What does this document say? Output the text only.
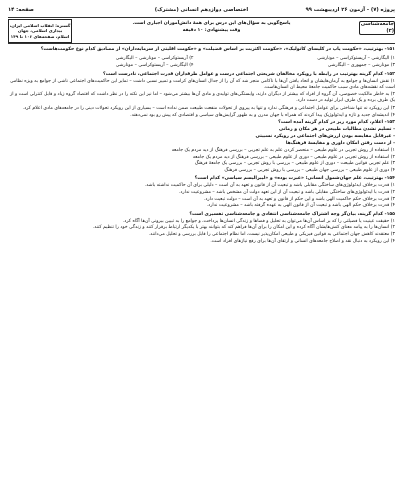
پروژه (۷) - آزمون ۲۶ اردیبهشت ۹۹
اختصاصی دوازدهم انسانی (مشترک)
صفحه: ۱۴
جامعه‌شناسی (۳)
پاسخ‌گویی به سؤال‌های این درس برای همهٔ دانش‌آموزان اجباری است.
وقت پیشنهادی: ۱۰ دقیقه
گستره: انقلاب اسلامی ایران،
بیداری اسلامی، جهان
اسلام، صفحه‌های ۱۰۶ تا ۱۳۹
۱۵۱- بهترتیب، «حکومت پاپ در کلیسای کاتولیک»، «حکومت اکثریت بر اساس فضیلت» و «حکومت اقلیتی از سرمایه‌داران» از مصادیق کدام نوع حکومت‌هاست؟
۱) الیگارشی – آریستوکراسی – مونارشی
۲) آریستوکراسی – مونارشی – الیگارشی
۳) مونارشی – جمهوری – الیگارشی
۴) الیگارشی – آریستوکراسی – مونارشی
۱۵۲- کدام گزینه بهترتیب در رابطه با رویکرد مخالفان شریعتی اجتماعی درست و عوامل طرفداران قدرت اجتماعی، نادرست است؟
۱) نقش انسان‌ها و جوامع به آرمان‌هایشان و اتحاد یافتن آن‌ها با ناکامی منجر شد که آن را از جدال انسان‌های کرامت و تمییز نسبی داشت – تمایز این حاکمیت‌های اجتماعی ناشی از جوامع به ویژه نظامی است که نقشه‌های مادی سبب حاکمیت جامعهٔ محیط ان انسان‌هاست.
۲) به خاطر مالکیت خصوصی، آن گروه از افراد که بیشتر از دیگران دارند، وابستگی‌های تولیدی و مادی آن‌ها بیشتر می‌شود – اما نیز این نکته را در نظر داشت که اقتصاد گروه زیاد و قابل کنترلی است و از یک طرف برده و یک طرف ابزار تولید در دست دارد.
۳) این رویکرد نه تنها شناختی برای عوامل اجتماعی و فرهنگی ندارد و تنها به پیروی از تحولات منفعت طبیعت ضمن نداده است – بسیاری از این رویکرد تحولات دینی را در جامعه‌های مادی اعلام کرد.
۴) اندیشه‌ای جدید و تازه و ایدئولوژیک پیدا کردند که همراه با جهان مدرن و به ظهور گرایش‌های سیاسی و اقتصادی که پیش رو بود نمی‌دهند.
۱۵۳- اعلام، کدام مورد زیر در کدام گزینه آمده است؟
- تسلیم نشدن مطالبات طبیعی در هر مکان و زمانی
- غیرقابل مقایسه بودن ارزش‌های اجتماعی در رویکرد نسبیتی
- از دست رفتن امکان داوری و مقایسهٔ فرهنگ‌ها
۱) استفاده از روش تجربی در علوم طبیعی – منحصر کردن علم به علم تجربی – بررسی فرهنگ از دید مردم یک جامعه
۲) استفاده از روش تجربی در علوم طبیعی – دوری از علوم طبیعی – بررسی فرهنگ از دید مردم یک جامعه
۳) علم تجربی قوانین طبیعت – دوری از علوم طبیعی – بررسی با روش تجربی – بررسی یک جامعهٔ فرهنگ
۴) دوری از علوم طبیعی – بررسی جهان طبیعی – بررسی با روش تجربی – بررسی فرهنگ
۱۵۴- بهترتیب، علم جهان‌شمول انسانی؛ «عبرت بوده» و «لیبرالیسم سیاسی» کدام است؟
۱) قدرت برخلاف ایدئولوژی‌های ساختگی مقابلی باشد و تبعیت آن از قانون و تعهد به آن است – دلیلی برای آن حاکمیت نداشته باشد.
۲) قدرت با ایدئولوژی‌های ساختگی مقابلی باشد و تبعیت آن از این تعهد دولت آن مشخص باشد – مشروعیت ندارد.
۳) قدرت برخلاف حکم حاکمیت الهی باشد و این حکم از قانون و تعهد به آن است – دولت تبعیت دارد.
۴) قدرت برخلاف حکم الهی باشد و تبعیت آن از قانون الهی به عهده گرفته باشد – مشروعیت ندارد.
۱۵۵- کدام گزینه، بیان‌گر وجه اشتراک جامعه‌شناسی انتقادی و جامعه‌شناسی تفسیری است؟
۱) حقیقت عینیت یا فضیلتی را که بر اساس آن‌ها می‌توان به تحلیل و فضاها و زندگی انسان‌ها پرداخت، و جوامع را به تبیین بیرونی آن‌ها آگاه کرد.
۲) انسان‌ها را به پیامد معنای کنش‌هایشان آگاه کرده و این امکان را برای آن‌ها فراهم کند که بتوانند بهتر با یکدیگر ارتباط برقرار کنند و زندگی خود را تنظیم کنند.
۳) معتقدند کاهش جهان اجتماعی به قوانین فیزیکی و طبیعی امکان‌پذیر نیست، اما نظام اجتماعی را قابل بررسی و تحلیل می‌دانند.
۴) این رویکرد به دنبال نقد و اصلاح جامعه‌های انسانی و ارتقای آن‌ها برای رفع نیازهای افراد است.
